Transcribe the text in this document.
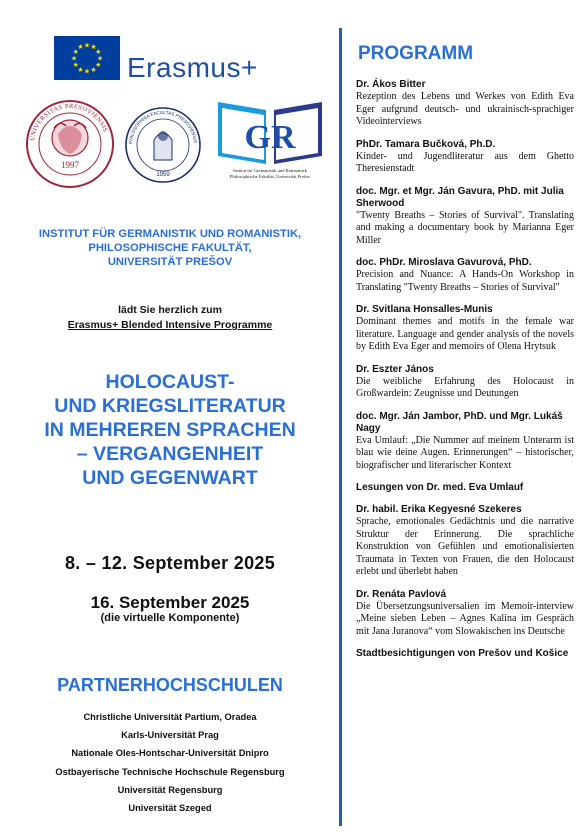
★
★
★
★
★
★
★
★
★ ★ ★
★ Erasmus+
1997
UNIVERSITAS PRESOVIENSIS
1959
PHILOSOPHICA FACULTAS PRESOVIENSIS GR
Institut für Germanistik und Romanistik
Philosophische Fakultät, Universität Prešov
INSTITUT FÜR GERMANISTIK UND ROMANISTIK,
PHILOSOPHISCHE FAKULTÄT,
UNIVERSITÄT PREŠOV
lädt Sie herzlich zum
Erasmus+ Blended Intensive Programme
HOLOCAUST-
UND KRIEGSLITERATUR
IN MEHREREN SPRACHEN
– VERGANGENHEIT
UND GEGENWART
8. – 12. September 2025
16. September 2025
(die virtuelle Komponente)
PARTNERHOCHSCHULEN
Christliche Universität Partium, Oradea
Karls-Universität Prag
Nationale Oles-Hontschar-Universität Dnipro
Ostbayerische Technische Hochschule Regensburg
Universität Regensburg
Universität Szeged
PROGRAMM
Dr. Ákos Bitter
Rezeption des Lebens und Werkes von Edith Eva Eger aufgrund deutsch- und ukrainisch-sprachiger Videointerviews
PhDr. Tamara Bučková, Ph.D.
Kinder- und Jugendliteratur aus dem Ghetto Theresienstadt
doc. Mgr. et Mgr. Ján Gavura, PhD. mit Julia Sherwood
"Twenty Breaths – Stories of Survival". Translating and making a documentary book by Marianna Eger Miller
doc. PhDr. Miroslava Gavurová, PhD.
Precision and Nuance: A Hands-On Workshop in Translating "Twenty Breaths – Stories of Survival"
Dr. Svitlana Honsalles-Munis
Dominant themes and motifs in the female war literature. Language and gender analysis of the novels by Edith Eva Eger and memoirs of Olena Hrytsuk
Dr. Eszter János
Die weibliche Erfahrung des Holocaust in Großwardein: Zeugnisse und Deutungen
doc. Mgr. Ján Jambor, PhD. und Mgr. Lukáš Nagy
Eva Umlauf: „Die Nummer auf meinem Unterarm ist blau wie deine Augen. Erinnerungen“ – historischer, biografischer und literarischer Kontext
Lesungen von Dr. med. Eva Umlauf
Dr. habil. Erika Kegyesné Szekeres
Sprache, emotionales Gedächtnis und die narrative Struktur der Erinnerung. Die sprachliche Konstruktion von Gefühlen und emotionalisierten Traumata in Texten von Frauen, die den Holocaust erlebt und überlebt haben
Dr. Renáta Pavlová
Die Übersetzungsuniversalien im Memoir-interview „Meine sieben Leben – Agnes Kalina im Gespräch mit Jana Juranova“ vom Slowakischen ins Deutsche
Stadtbesichtigungen von Prešov und Košice
